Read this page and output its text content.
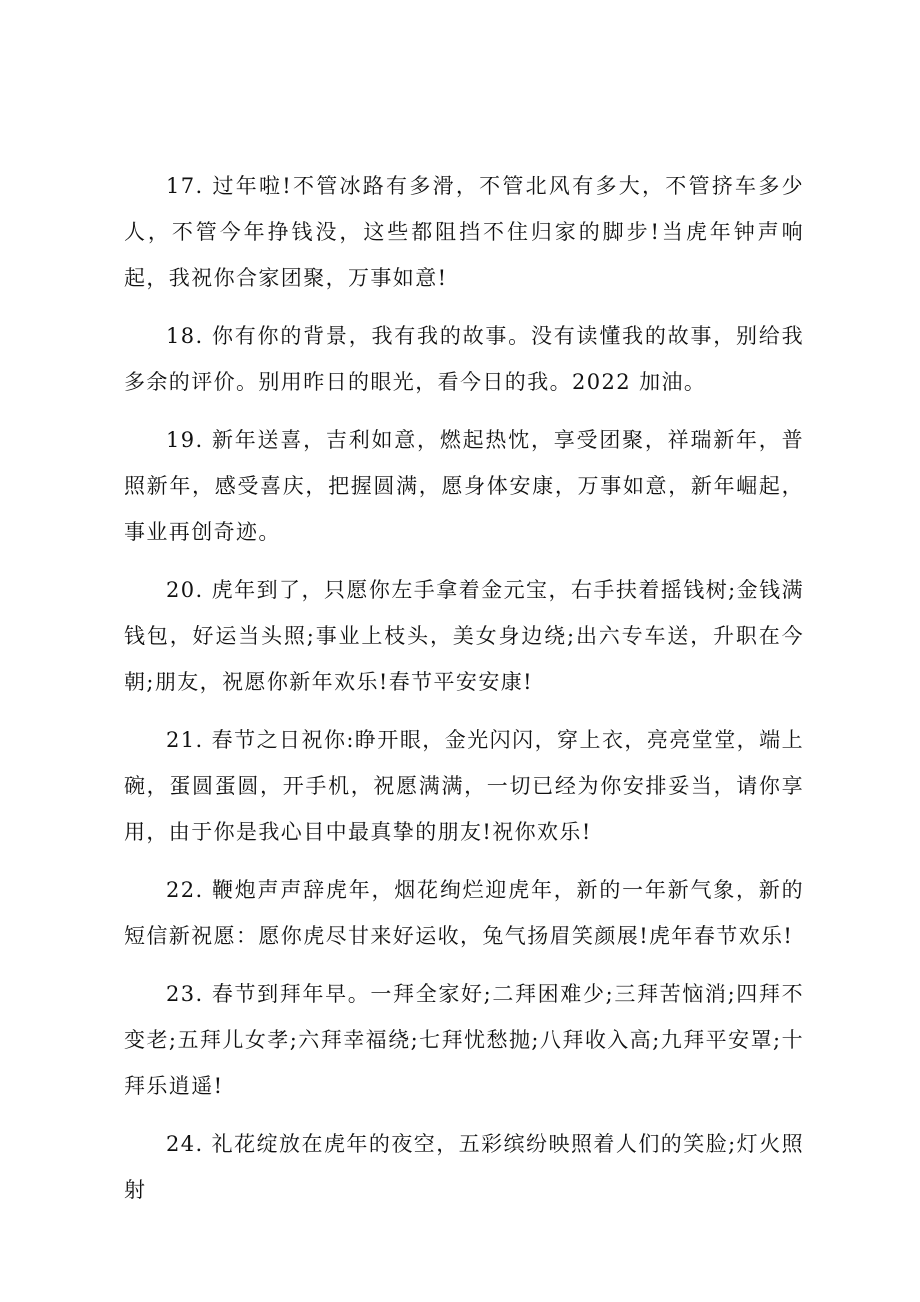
17. 过年啦!不管冰路有多滑，不管北风有多大，不管挤车多少人，不管今年挣钱没，这些都阻挡不住归家的脚步!当虎年钟声响起，我祝你合家团聚，万事如意!

18. 你有你的背景，我有我的故事。没有读懂我的故事，别给我多余的评价。别用昨日的眼光，看今日的我。2022 加油。

19. 新年送喜，吉利如意，燃起热忱，享受团聚，祥瑞新年，普照新年，感受喜庆，把握圆满，愿身体安康，万事如意，新年崛起，事业再创奇迹。

20. 虎年到了，只愿你左手拿着金元宝，右手扶着摇钱树;金钱满钱包，好运当头照;事业上枝头，美女身边绕;出六专车送，升职在今朝;朋友，祝愿你新年欢乐!春节平安安康!

21. 春节之日祝你:睁开眼，金光闪闪，穿上衣，亮亮堂堂，端上碗，蛋圆蛋圆，开手机，祝愿满满，一切已经为你安排妥当，请你享用，由于你是我心目中最真挚的朋友!祝你欢乐!

22. 鞭炮声声辞虎年，烟花绚烂迎虎年，新的一年新气象，新的短信新祝愿：愿你虎尽甘来好运收，兔气扬眉笑颜展!虎年春节欢乐!

23. 春节到拜年早。一拜全家好;二拜困难少;三拜苦恼消;四拜不变老;五拜儿女孝;六拜幸福绕;七拜忧愁抛;八拜收入高;九拜平安罩;十拜乐逍遥!

24. 礼花绽放在虎年的夜空，五彩缤纷映照着人们的笑脸;灯火照射
